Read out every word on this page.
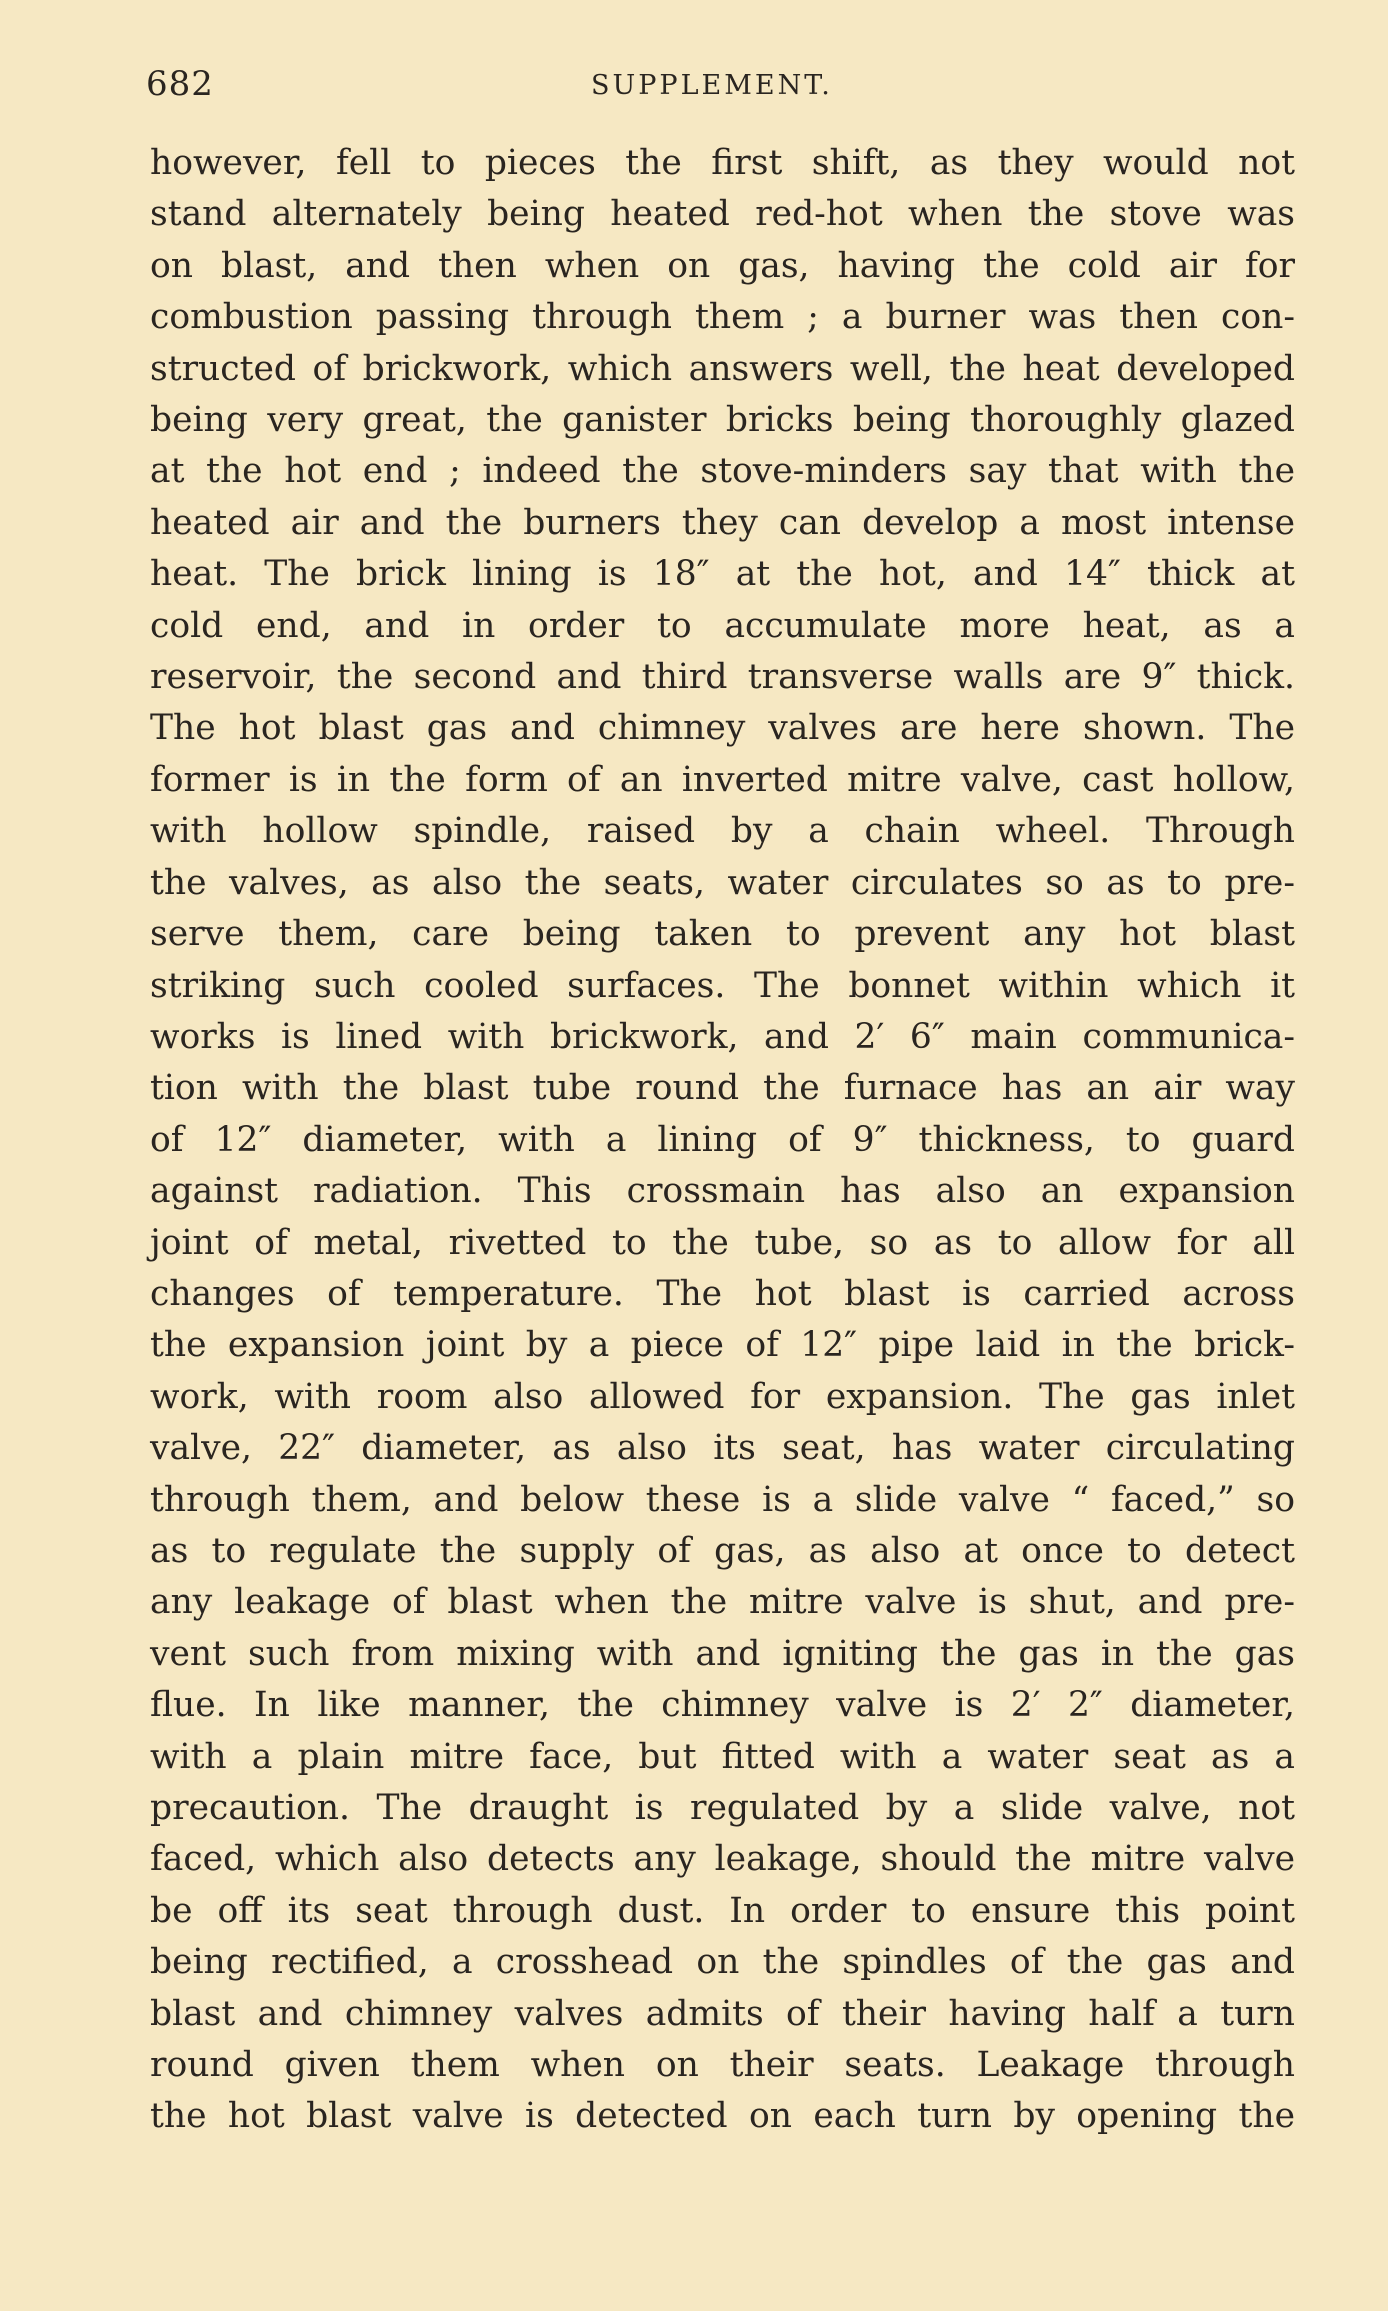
682	SUPPLEMENT.
however, fell to pieces the first shift, as they would not
stand alternately being heated red-hot when the stove was
on blast, and then when on gas, having the cold air for
combustion passing through them ; a burner was then con-
structed of brickwork, which answers well, the heat developed
being very great, the ganister bricks being thoroughly glazed
at the hot end ; indeed the stove-minders say that with the
heated air and the burners they can develop a most intense
heat. The brick lining is 18″ at the hot, and 14″ thick at
cold end, and in order to accumulate more heat, as a
reservoir, the second and third transverse walls are 9″ thick.
The hot blast gas and chimney valves are here shown. The
former is in the form of an inverted mitre valve, cast hollow,
with hollow spindle, raised by a chain wheel. Through
the valves, as also the seats, water circulates so as to pre-
serve them, care being taken to prevent any hot blast
striking such cooled surfaces. The bonnet within which it
works is lined with brickwork, and 2′ 6″ main communica-
tion with the blast tube round the furnace has an air way
of 12″ diameter, with a lining of 9″ thickness, to guard
against radiation. This crossmain has also an expansion
joint of metal, rivetted to the tube, so as to allow for all
changes of temperature. The hot blast is carried across
the expansion joint by a piece of 12″ pipe laid in the brick-
work, with room also allowed for expansion. The gas inlet
valve, 22″ diameter, as also its seat, has water circulating
through them, and below these is a slide valve “ faced,” so
as to regulate the supply of gas, as also at once to detect
any leakage of blast when the mitre valve is shut, and pre-
vent such from mixing with and igniting the gas in the gas
flue. In like manner, the chimney valve is 2′ 2″ diameter,
with a plain mitre face, but fitted with a water seat as a
precaution. The draught is regulated by a slide valve, not
faced, which also detects any leakage, should the mitre valve
be off its seat through dust. In order to ensure this point
being rectified, a crosshead on the spindles of the gas and
blast and chimney valves admits of their having half a turn
round given them when on their seats. Leakage through
the hot blast valve is detected on each turn by opening the
